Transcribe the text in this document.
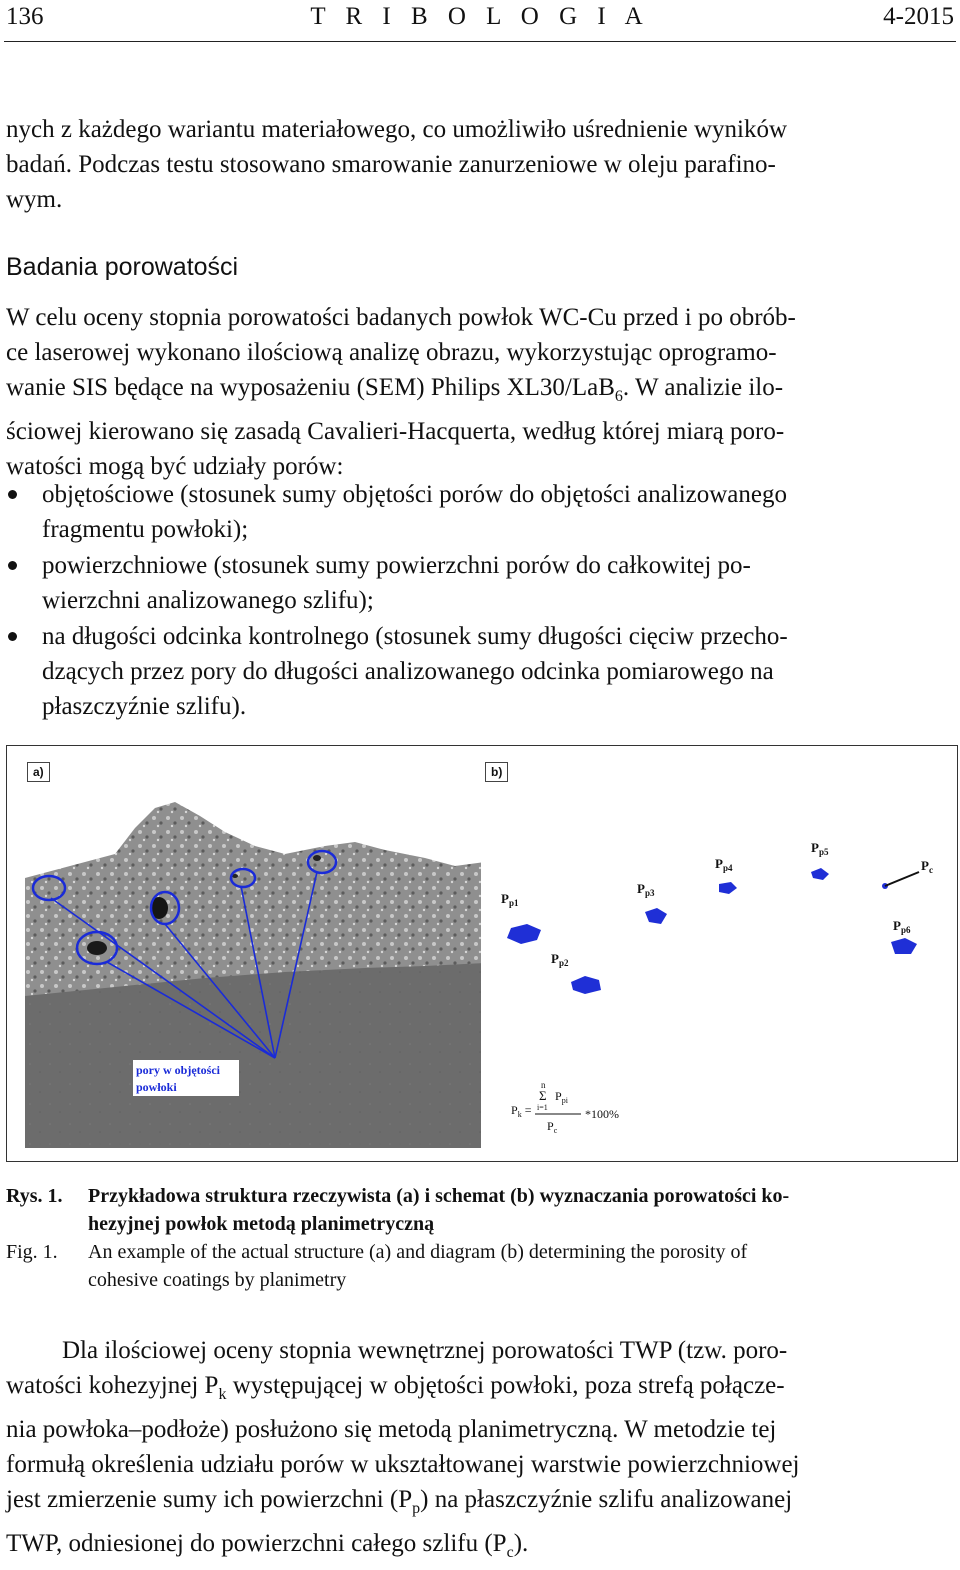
136	T R I B O L O G I A	4-2015
nych z każdego wariantu materiałowego, co umożliwiło uśrednienie wyników
badań. Podczas testu stosowano smarowanie zanurzeniowe w oleju parafino-
wym.
Badania porowatości
W celu oceny stopnia porowatości badanych powłok WC-Cu przed i po obrób-
ce laserowej wykonano ilościową analizę obrazu, wykorzystując oprogramo-
wanie SIS będące na wyposażeniu (SEM) Philips XL30/LaB$_6$. W analizie ilo-
ściowej kierowano się zasadą Cavalieri-Hacquerta, według której miarą poro-
watości mogą być udziały porów:
objętościowe (stosunek sumy objętości porów do objętości analizowanego
fragmentu powłoki);
powierzchniowe (stosunek sumy powierzchni porów do całkowitej po-
wierzchni analizowanego szlifu);
na długości odcinka kontrolnego (stosunek sumy długości cięciw przecho-
dzących przez pory do długości analizowanego odcinka pomiarowego na
płaszczyźnie szlifu).
pory w objętości
powłoki
a)
$P_{p1}$
$P_{p2}$
$P_{p3}$
$P_{p4}$
$P_{p5}$
$P_{p6}$
$P_c$
$P_k$ =
n
Σ
i=1
$P_{pi}$
$P_c$
*100%
b)
Rys. 1. Przykładowa struktura rzeczywista (a) i schemat (b) wyznaczania porowatości ko-
hezyjnej powłok metodą planimetryczną
Fig. 1. An example of the actual structure (a) and diagram (b) determining the porosity of
cohesive coatings by planimetry
Dla ilościowej oceny stopnia wewnętrznej porowatości TWP (tzw. poro-
watości kohezyjnej $P_k$ występującej w objętości powłoki, poza strefą połącze-
nia powłoka–podłoże) posłużono się metodą planimetryczną. W metodzie tej
formułą określenia udziału porów w ukształtowanej warstwie powierzchniowej
jest zmierzenie sumy ich powierzchni $(P_p)$ na płaszczyźnie szlifu analizowanej
TWP, odniesionej do powierzchni całego szlifu $(P_c)$.
